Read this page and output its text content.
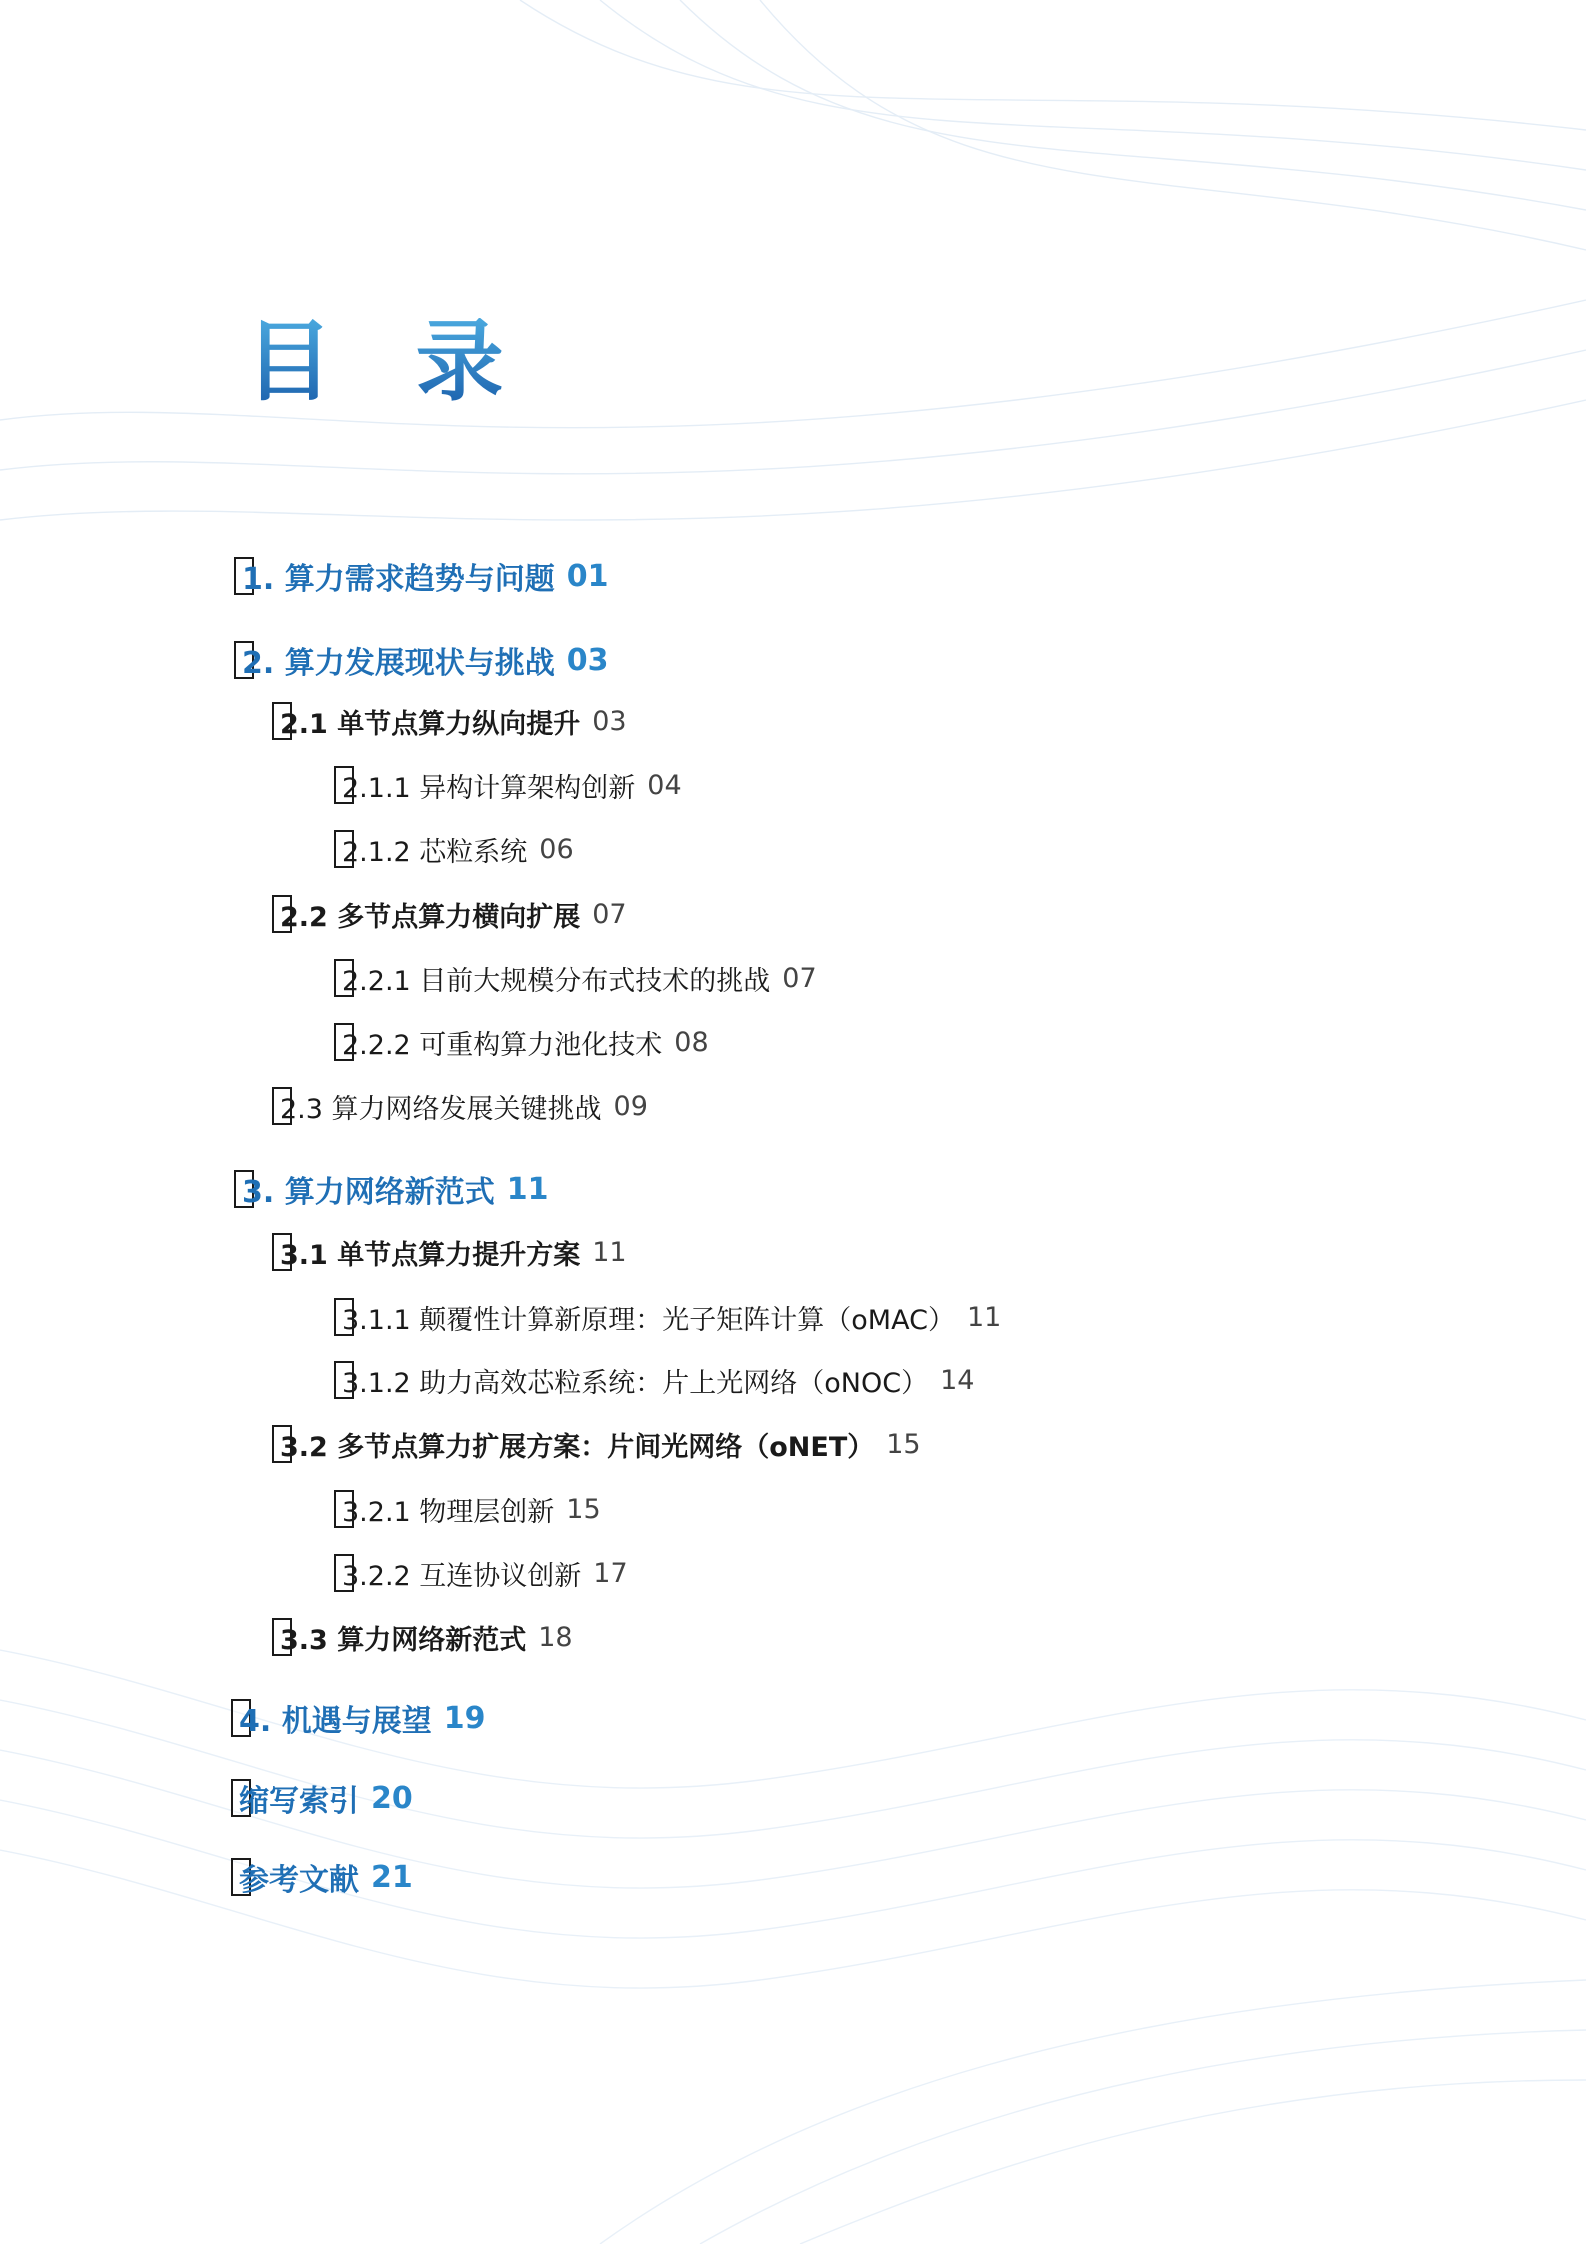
目 录
1. 算力需求趋势与问题 01
2. 算力发展现状与挑战 03
2.1 单节点算力纵向提升 03
2.1.1 异构计算架构创新 04
2.1.2 芯粒系统 06
2.2 多节点算力横向扩展 07
2.2.1 目前大规模分布式技术的挑战 07
2.2.2 可重构算力池化技术 08
2.3 算力网络发展关键挑战 09
3. 算力网络新范式 11
3.1 单节点算力提升方案 11
3.1.1 颠覆性计算新原理：光子矩阵计算（oMAC） 11
3.1.2 助力高效芯粒系统：片上光网络（oNOC） 14
3.2 多节点算力扩展方案：片间光网络（oNET） 15
3.2.1 物理层创新 15
3.2.2 互连协议创新 17
3.3 算力网络新范式 18
4. 机遇与展望 19
缩写索引 20
参考文献 21
